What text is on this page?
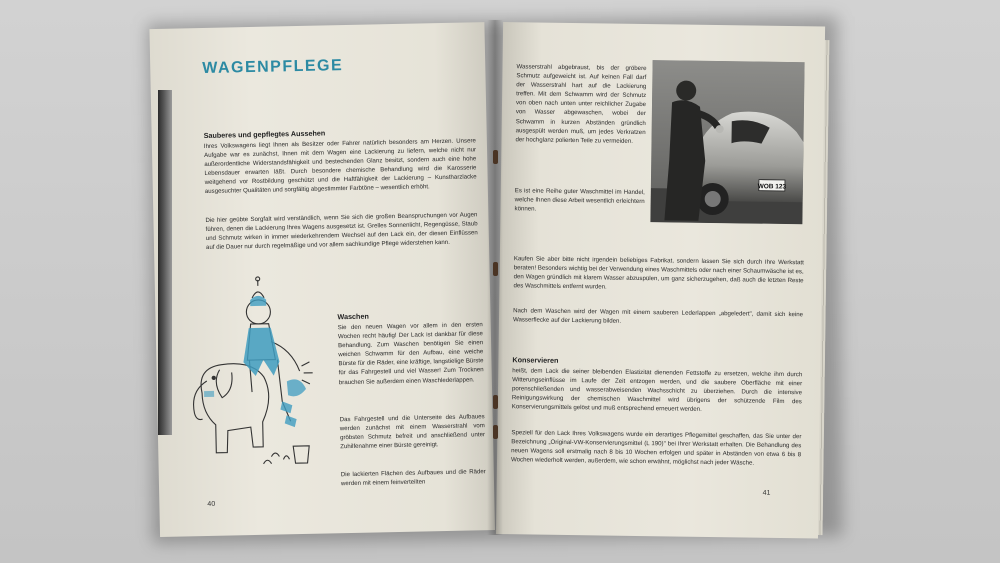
WAGENPFLEGE
Sauberes und gepflegtes Aussehen
Ihres Volkswagens liegt Ihnen als Besitzer oder Fahrer natürlich besonders am Herzen. Unsere Aufgabe war es zunächst, Ihnen mit dem Wagen eine Lackierung zu liefern, welche nicht nur außerordentliche Widerstandsfähigkeit und bestechenden Glanz besitzt, sondern auch eine hohe Lebensdauer erwarten läßt. Durch besondere chemische Behandlung wird die Karosserie weitgehend vor Rostbildung geschützt und die Haftfähigkeit der Lackierung – Kunstharzlacke ausgesuchter Qualitäten und sorgfältig abgestimmter Farbtöne – wesentlich erhöht.
Die hier geübte Sorgfalt wird verständlich, wenn Sie sich die großen Beanspruchungen vor Augen führen, denen die Lackierung Ihres Wagens ausgesetzt ist. Grelles Sonnenlicht, Regengüsse, Staub und Schmutz wirken in immer wiederkehrendem Wechsel auf den Lack ein, der diesen Einflüssen auf die Dauer nur durch regelmäßige und vor allem sachkundige Pflege widerstehen kann.
Waschen
Sie den neuen Wagen vor allem in den ersten Wochen recht häufig! Der Lack ist dankbar für diese Behandlung. Zum Waschen benötigen Sie einen weichen Schwamm für den Aufbau, eine weiche Bürste für die Räder, eine kräftige, langstielige Bürste für das Fahrgestell und viel Wasser! Zum Trocknen brauchen Sie außerdem einen Waschlederlappen.
Das Fahrgestell und die Unterseite des Aufbaues werden zunächst mit einem Wasserstrahl vom gröbsten Schmutz befreit und anschließend unter Zuhilfenahme einer Bürste gereinigt.
Die lackierten Flächen des Aufbaues und die Räder werden mit einem feinverteilten
40
Wasserstrahl abgebraust, bis der gröbere Schmutz aufgeweicht ist. Auf keinen Fall darf der Wasserstrahl hart auf die Lackierung treffen. Mit dem Schwamm wird der Schmutz von oben nach unten unter reichlicher Zugabe von Wasser abgewaschen, wobei der Schwamm in kurzen Abständen gründlich ausgespült werden muß, um jedes Verkratzen der hochglanz polierten Teile zu vermeiden.
Es ist eine Reihe guter Waschmittel im Handel, welche Ihnen diese Arbeit wesentlich erleichtern können.
WOB 123
Kaufen Sie aber bitte nicht irgendein beliebiges Fabrikat, sondern lassen Sie sich durch Ihre Werkstatt beraten! Besonders wichtig bei der Verwendung eines Waschmittels oder nach einer Schaumwäsche ist es, den Wagen gründlich mit klarem Wasser abzuspülen, um ganz sicherzugehen, daß auch die letzten Reste des Waschmittels entfernt wurden.
Nach dem Waschen wird der Wagen mit einem sauberen Lederlappen „abgeledert", damit sich keine Wasserflecke auf der Lackierung bilden.
Konservieren
heißt, dem Lack die seiner bleibenden Elastizität dienenden Fettstoffe zu ersetzen, welche ihm durch Witterungseinflüsse im Laufe der Zeit entzogen werden, und die saubere Oberfläche mit einer porenschließenden und wasserabweisenden Wachsschicht zu überziehen. Durch die intensive Reinigungswirkung der chemischen Waschmittel wird übrigens der schützende Film des Konservierungsmittels gelöst und muß entsprechend erneuert werden.
Speziell für den Lack Ihres Volkswagens wurde ein derartiges Pflegemittel geschaffen, das Sie unter der Bezeichnung „Original-VW-Konservierungsmittel (L 190)" bei Ihrer Werkstatt erhalten. Die Behandlung des neuen Wagens soll erstmalig nach 8 bis 10 Wochen erfolgen und später in Abständen von etwa 6 bis 8 Wochen wiederholt werden, außerdem, wie schon erwähnt, möglichst nach jeder Wäsche.
41
